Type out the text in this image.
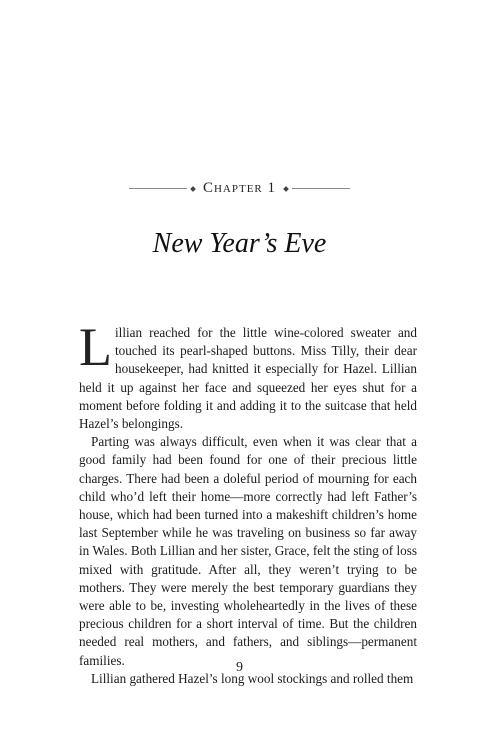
Chapter 1
New Year’s Eve

Lillian reached for the little wine-colored sweater and touched its pearl-shaped buttons. Miss Tilly, their dear housekeeper, had knitted it especially for Hazel. Lillian held it up against her face and squeezed her eyes shut for a moment before folding it and adding it to the suitcase that held Hazel’s belongings.

Parting was always difficult, even when it was clear that a good family had been found for one of their precious little charges. There had been a doleful period of mourning for each child who’d left their home—more correctly had left Father’s house, which had been turned into a makeshift children’s home last September while he was traveling on business so far away in Wales. Both Lillian and her sister, Grace, felt the sting of loss mixed with gratitude. After all, they weren’t trying to be mothers. They were merely the best temporary guardians they were able to be, investing wholeheartedly in the lives of these precious children for a short interval of time. But the children needed real mothers, and fathers, and siblings—permanent families.

Lillian gathered Hazel’s long wool stockings and rolled them

9
